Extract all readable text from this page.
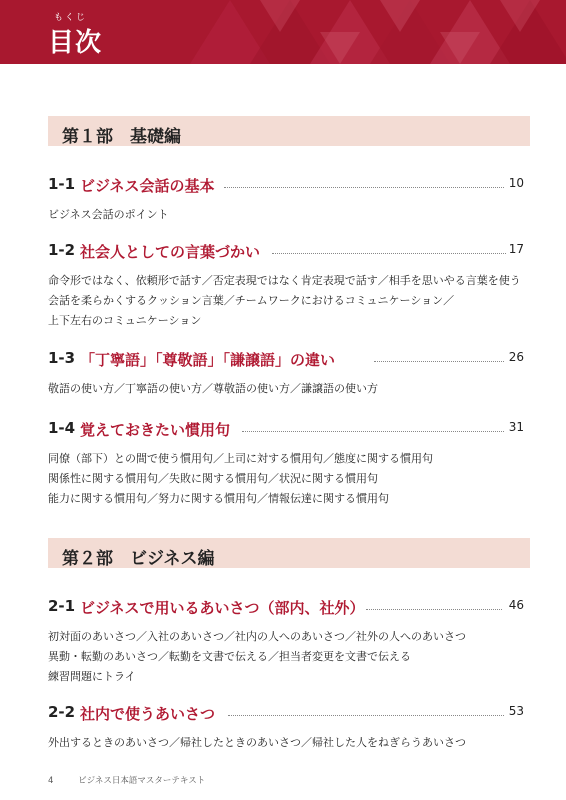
もくじ
目次
第１部　基礎編
1-1 ビジネス会話の基本	10
ビジネス会話のポイント
1-2 社会人としての言葉づかい	17
命令形ではなく、依頼形で話す／否定表現ではなく肯定表現で話す／相手を思いやる言葉を使う
会話を柔らかくするクッション言葉／チームワークにおけるコミュニケーション／
上下左右のコミュニケーション
1-3 「丁寧語」「尊敬語」「謙譲語」の違い	26
敬語の使い方／丁寧語の使い方／尊敬語の使い方／謙譲語の使い方
1-4 覚えておきたい慣用句	31
同僚（部下）との間で使う慣用句／上司に対する慣用句／態度に関する慣用句
関係性に関する慣用句／失敗に関する慣用句／状況に関する慣用句
能力に関する慣用句／努力に関する慣用句／情報伝達に関する慣用句
第２部　ビジネス編
2-1 ビジネスで用いるあいさつ（部内、社外）	46
初対面のあいさつ／入社のあいさつ／社内の人へのあいさつ／社外の人へのあいさつ
異動・転勤のあいさつ／転勤を文書で伝える／担当者変更を文書で伝える
練習問題にトライ
2-2 社内で使うあいさつ	53
外出するときのあいさつ／帰社したときのあいさつ／帰社した人をねぎらうあいさつ
4	ビジネス日本語マスターテキスト
